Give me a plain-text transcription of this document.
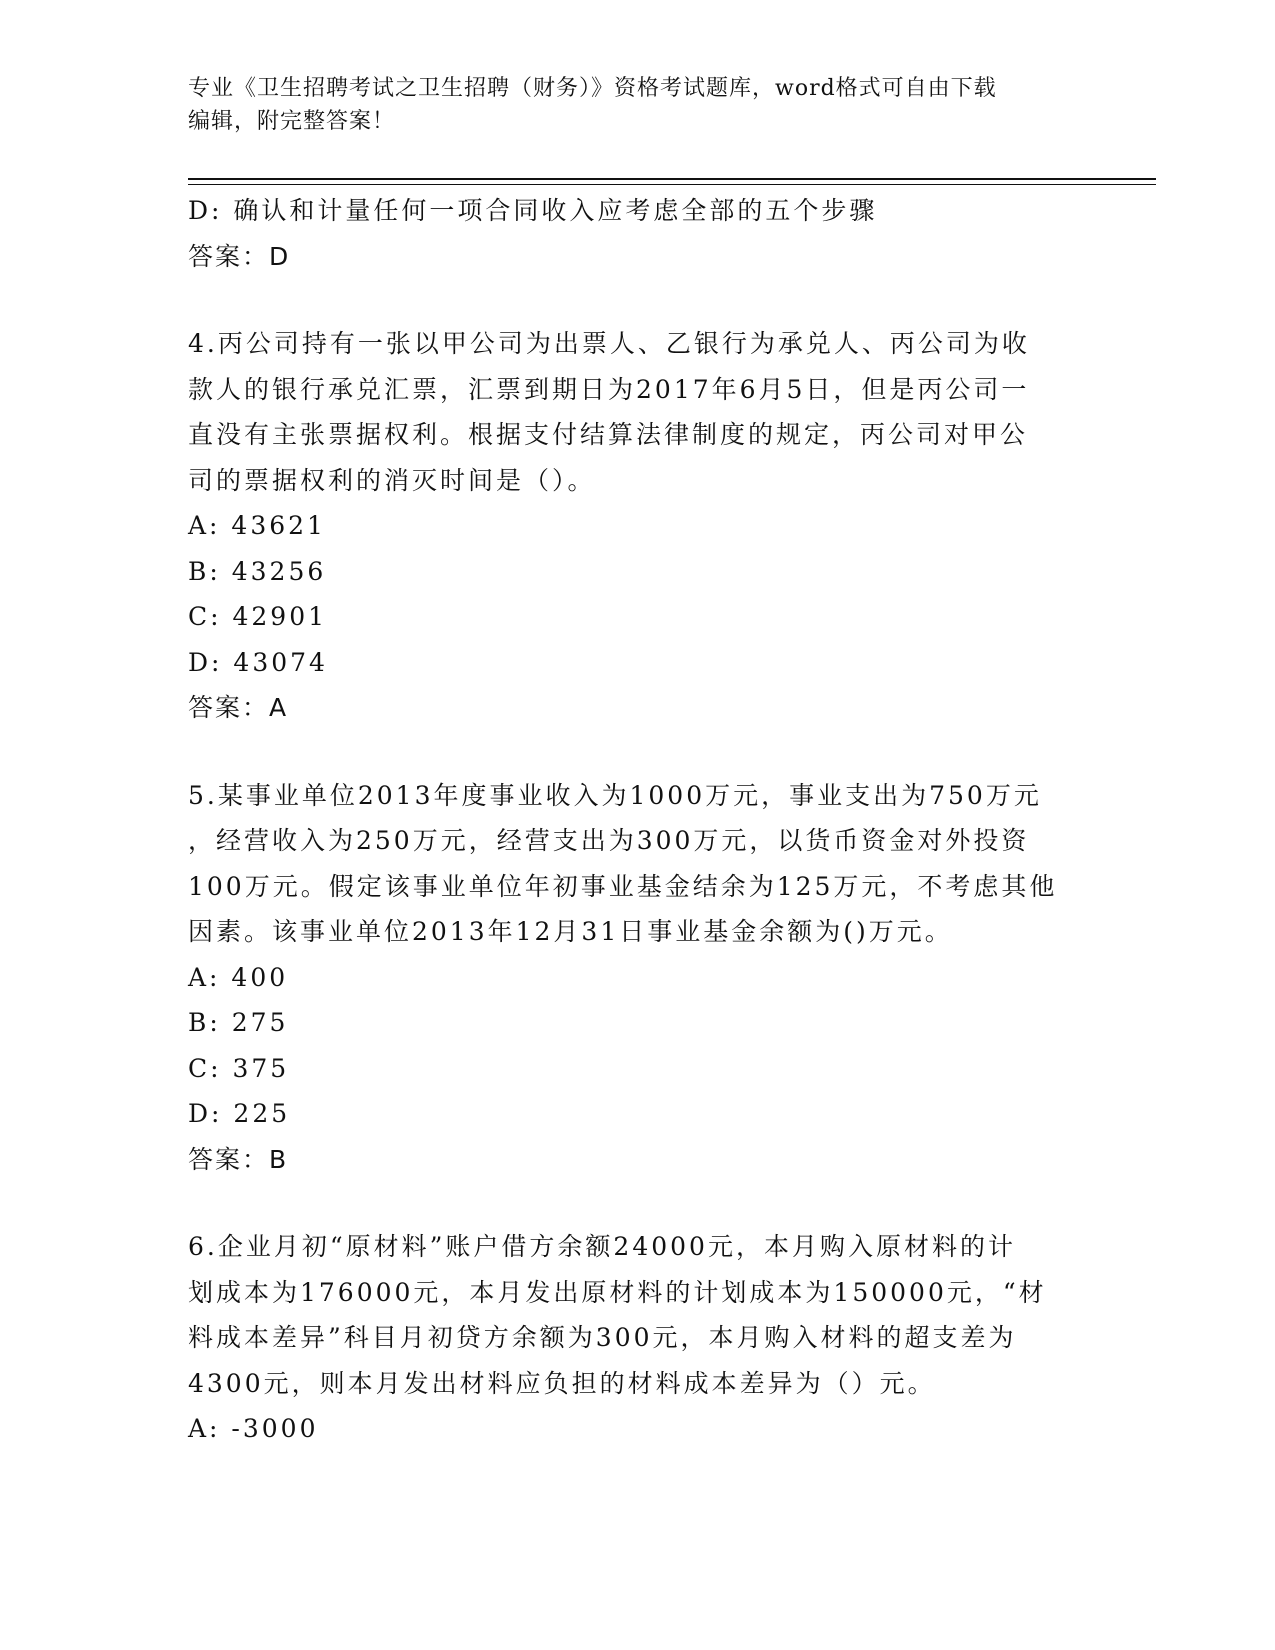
专业《卫生招聘考试之卫生招聘（财务）》资格考试题库，word格式可自由下载
编辑，附完整答案！
D: 确认和计量任何一项合同收入应考虑全部的五个步骤
答案：D
4.丙公司持有一张以甲公司为出票人、乙银行为承兑人、丙公司为收
款人的银行承兑汇票，汇票到期日为2017年6月5日，但是丙公司一
直没有主张票据权利。根据支付结算法律制度的规定，丙公司对甲公
司的票据权利的消灭时间是（）。
A: 43621
B: 43256
C: 42901
D: 43074
答案：A
5.某事业单位2013年度事业收入为1000万元，事业支出为750万元
，经营收入为250万元，经营支出为300万元，以货币资金对外投资
100万元。假定该事业单位年初事业基金结余为125万元，不考虑其他
因素。该事业单位2013年12月31日事业基金余额为()万元。
A: 400
B: 275
C: 375
D: 225
答案：B
6.企业月初“原材料”账户借方余额24000元，本月购入原材料的计
划成本为176000元，本月发出原材料的计划成本为150000元，“材
料成本差异”科目月初贷方余额为300元，本月购入材料的超支差为
4300元，则本月发出材料应负担的材料成本差异为（）元。
A: -3000
